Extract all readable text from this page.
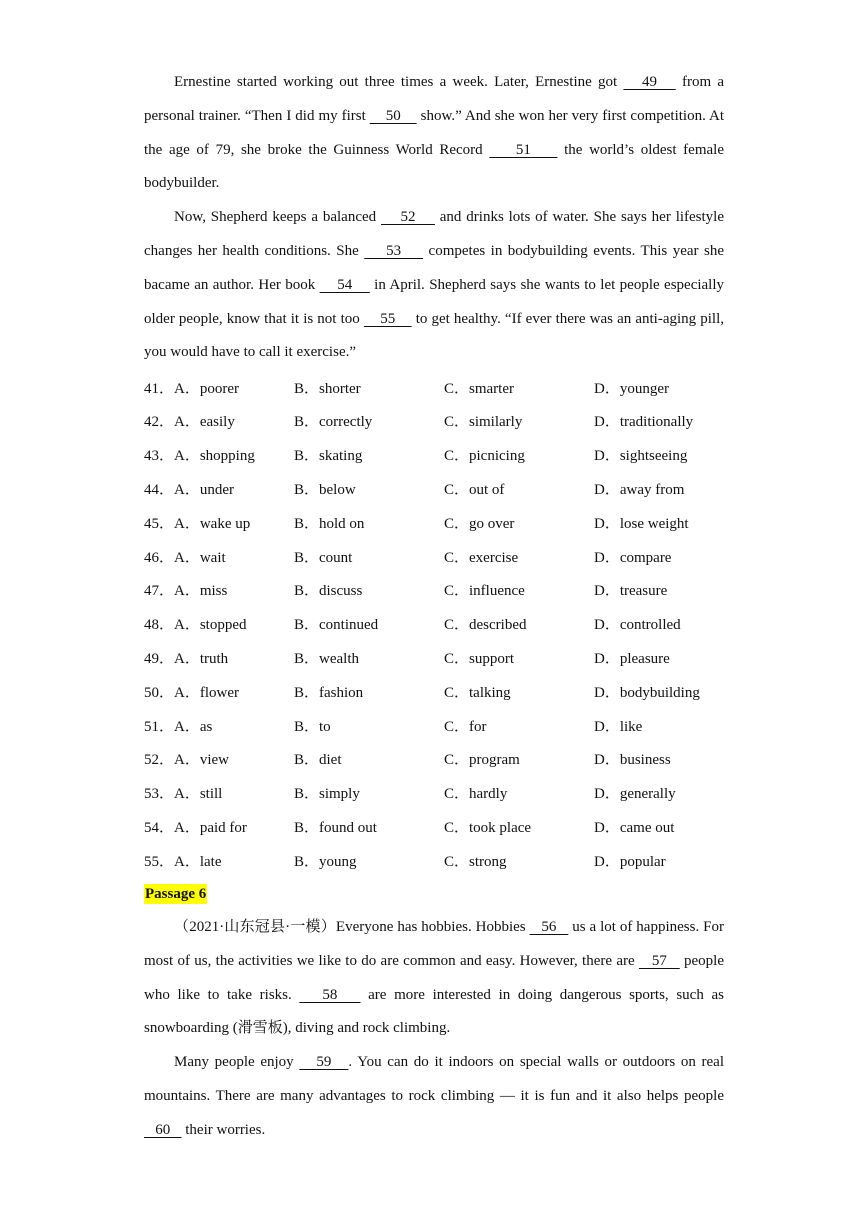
Ernestine started working out three times a week. Later, Ernestine got    49    from a personal trainer. “Then I did my first     50     show.” And she won her very first competition. At the age of 79, she broke the Guinness World Record     51     the world’s oldest female bodybuilder.

Now, Shepherd keeps a balanced     52     and drinks lots of water. She says her lifestyle changes her health conditions. She     53     competes in bodybuilding events. This year she bacame an author. Her book     54     in April. Shepherd says she wants to let people especially older people, know that it is not too     55     to get healthy. “If ever there was an anti-aging pill, you would have to call it exercise.”

41．A．poorer	B．shorter	C．smarter	D．younger
42．A．easily	B．correctly	C．similarly	D．traditionally
43．A．shopping	B．skating	C．picnicing	D．sightseeing
44．A．under	B．below	C．out of	D．away from
45．A．wake up	B．hold on	C．go over	D．lose weight
46．A．wait	B．count	C．exercise	D．compare
47．A．miss	B．discuss	C．influence	D．treasure
48．A．stopped	B．continued	C．described	D．controlled
49．A．truth	B．wealth	C．support	D．pleasure
50．A．flower	B．fashion	C．talking	D．bodybuilding
51．A．as	B．to	C．for	D．like
52．A．view	B．diet	C．program	D．business
53．A．still	B．simply	C．hardly	D．generally
54．A．paid for	B．found out	C．took place	D．came out
55．A．late	B．young	C．strong	D．popular
Passage 6

（2021·山东冠县·一模）Everyone has hobbies. Hobbies    56    us a lot of happiness. For most of us, the activities we like to do are common and easy. However, there are    57    people who like to take risks.    58    are more interested in doing dangerous sports, such as snowboarding (滑雪板), diving and rock climbing.

Many people enjoy    59   . You can do it indoors on special walls or outdoors on real mountains. There are many advantages to rock climbing — it is fun and it also helps people    60    their worries.
